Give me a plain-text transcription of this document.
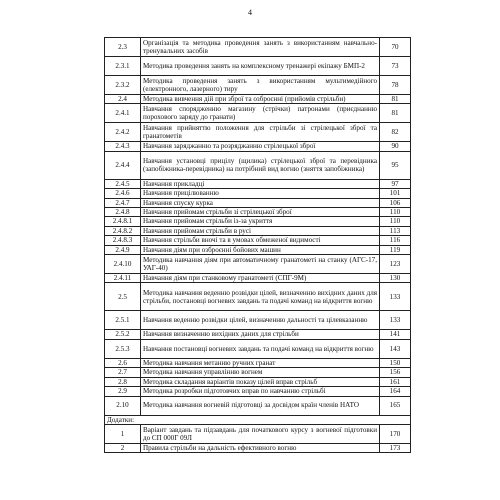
4
2.3	Організація та методика проведення занять з використанням навчально-тренувальних засобів	70
2.3.1	Методика проведення занять на комплексному тренажері екіпажу БМП-2	73
2.3.2	Методика проведення занять з використанням мультимедійного (електронного, лазерного) тиру	78
2.4	Методика вивчення дій при зброї та озброєнні (прийомів стрільби)	81
2.4.1	Навчання спорядженню магазину (стрічки) патронами (приєднанню порохового заряду до гранати)	81
2.4.2	Навчання прийняттю положення для стрільби зі стрілецької зброї та гранатометів	82
2.4.3	Навчання заряджанню та розряджанню стрілецької зброї	90
2.4.4	Навчання установці прицілу (щилика) стрілецької зброї та перевідника (запобіжника-перевідника) на потрібний вид вогню (зняття запобіжника)	95
2.4.5	Навчання прикладці	97
2.4.6	Навчання прицілюванню	101
2.4.7	Навчання спуску курка	106
2.4.8	Навчання прийомам стрільби зі стрілецької зброї	110
2.4.8.1	Навчання прийомам стрільби із-за укриття	110
2.4.8.2	Навчання прийомам стрільби в русі	113
2.4.8.3	Навчання стрільби вночі та в умовах обмеженої видимості	116
2.4.9	Навчання діям при озброєнні бойових машин	119
2.4.10	Методика навчання діям при автоматичному гранатометі на станку (АГС-17, УАГ-40)	123
2.4.11	Навчання діям при станковому гранатометі (СПГ-9М)	130
2.5	Методика навчання веденню розвідки цілей, визначенню вихідних даних для стрільби, постановці вогневих завдань та подачі команд на відкриття вогню	133
2.5.1	Навчання веденню розвідки цілей, визначенню дальності та цілевказанню	133
2.5.2	Навчання визначенню вихідних даних для стрільби	141
2.5.3	Навчання постановці вогневих завдань та подачі команд на відкриття вогню	143
2.6	Методика навчання метанню ручних гранат	150
2.7	Методика навчання управлінню вогнем	156
2.8	Методика складання варіантів показу цілей вправ стрільб	161
2.9	Методика розробки підготовчих вправ по навчанню стрільбі	164
2.10	Методика навчання вогневій підготовці за досвідом країн членів НАТО	165
Додатки:		
1	Варіант завдань та підзавдань для початкового курсу з вогневої підготовки до СП 000Г 09Л	170
2	Правила стрільби на дальність ефективного вогню	173
